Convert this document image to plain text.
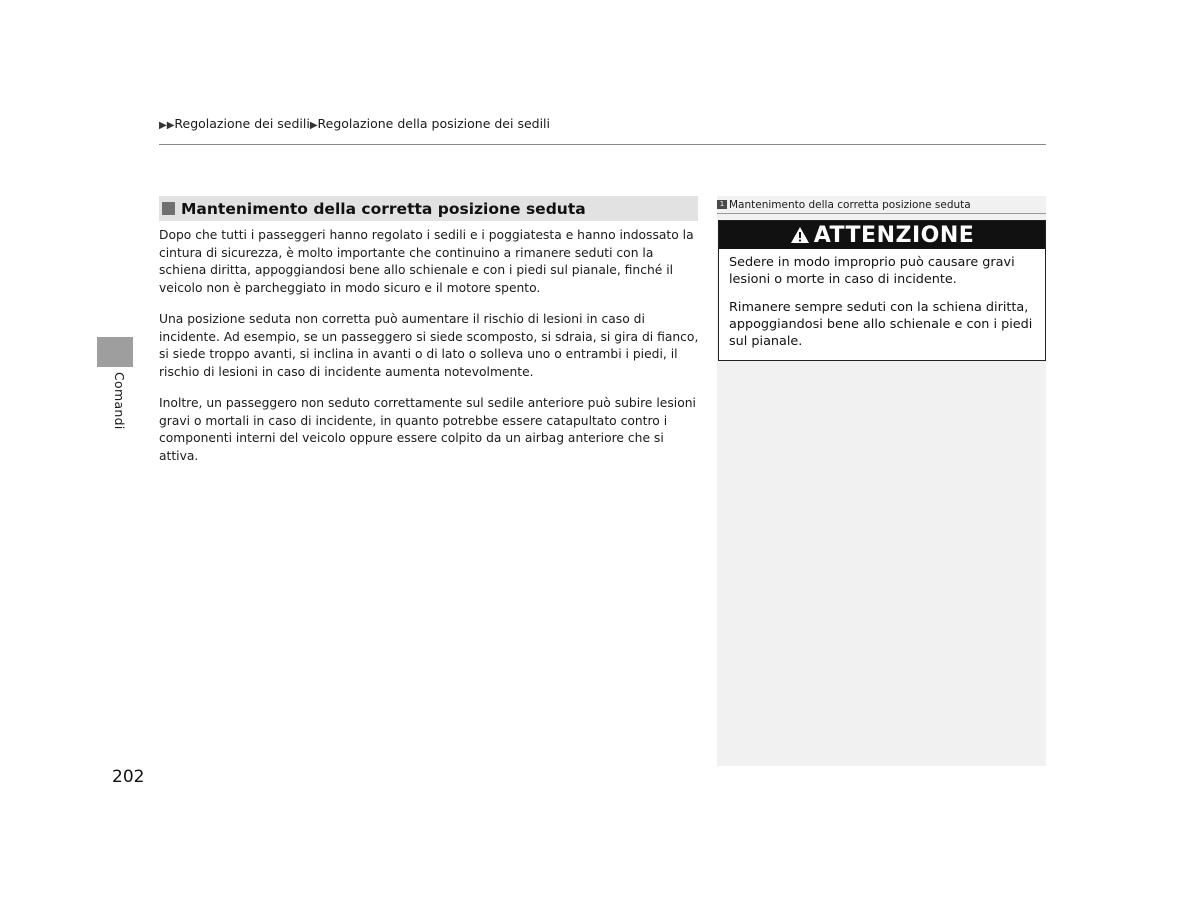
▶▶Regolazione dei sedili▶Regolazione della posizione dei sedili
Comandi
Mantenimento della corretta posizione seduta

Dopo che tutti i passeggeri hanno regolato i sedili e i poggiatesta e hanno indossato la cintura di sicurezza, è molto importante che continuino a rimanere seduti con la schiena diritta, appoggiandosi bene allo schienale e con i piedi sul pianale, finché il veicolo non è parcheggiato in modo sicuro e il motore spento.

Una posizione seduta non corretta può aumentare il rischio di lesioni in caso di incidente. Ad esempio, se un passeggero si siede scomposto, si sdraia, si gira di fianco, si siede troppo avanti, si inclina in avanti o di lato o solleva uno o entrambi i piedi, il rischio di lesioni in caso di incidente aumenta notevolmente.

Inoltre, un passeggero non seduto correttamente sul sedile anteriore può subire lesioni gravi o mortali in caso di incidente, in quanto potrebbe essere catapultato contro i componenti interni del veicolo oppure essere colpito da un airbag anteriore che si attiva.

1 Mantenimento della corretta posizione seduta
ATTENZIONE

Sedere in modo improprio può causare gravi lesioni o morte in caso di incidente.

Rimanere sempre seduti con la schiena diritta, appoggiandosi bene allo schienale e con i piedi sul pianale.

202
